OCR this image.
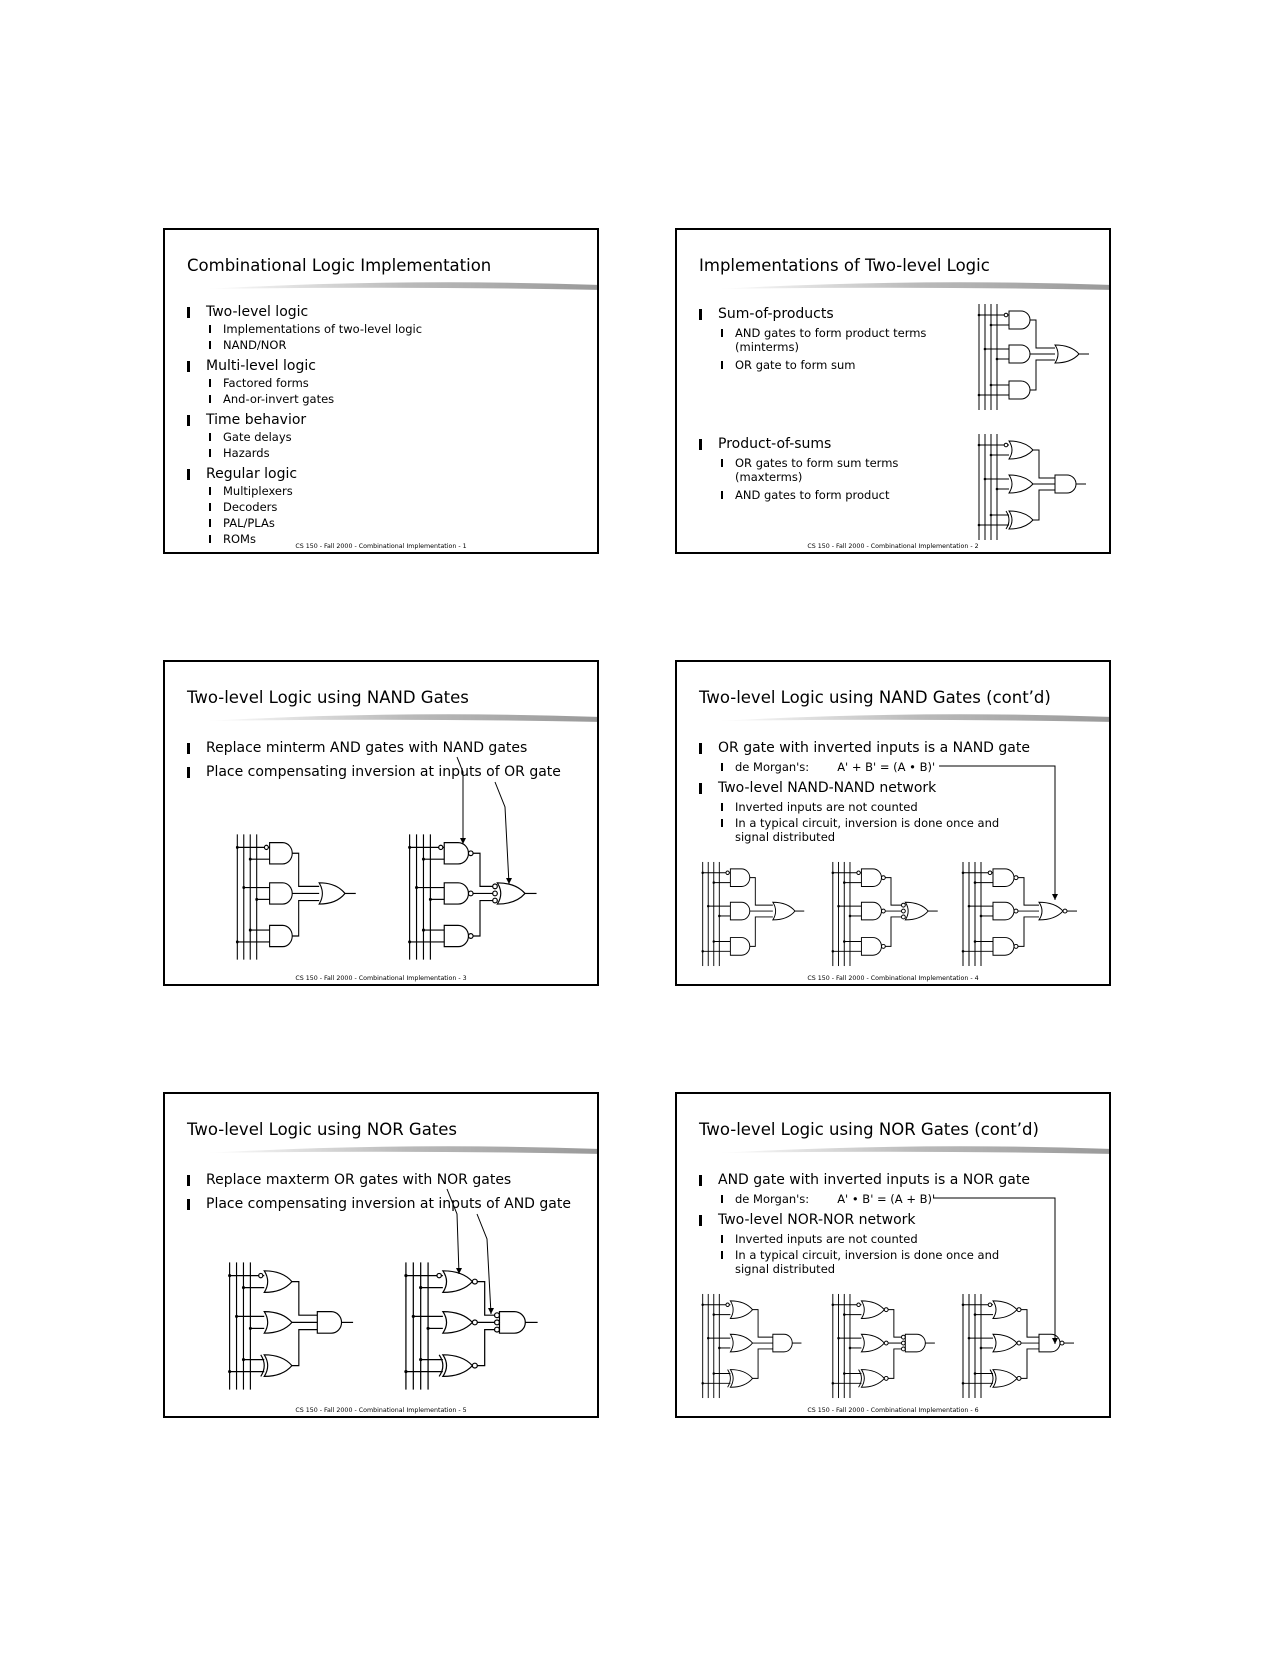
Combinational Logic Implementation
Two-level logic
Implementations of two-level logic
NAND/NOR
Multi-level logic
Factored forms
And-or-invert gates
Time behavior
Gate delays
Hazards
Regular logic
Multiplexers
Decoders
PAL/PLAs
ROMs
CS 150 - Fall 2000 - Combinational Implementation - 1
Implementations of Two-level Logic
Sum-of-products
AND gates to form product terms (minterms)
OR gate to form sum
Product-of-sums
OR gates to form sum terms (maxterms)
AND gates to form product
CS 150 - Fall 2000 - Combinational Implementation - 2
Two-level Logic using NAND Gates
Replace minterm AND gates with NAND gates
Place compensating inversion at inputs of OR gate
CS 150 - Fall 2000 - Combinational Implementation - 3
Two-level Logic using NAND Gates (cont’d)
OR gate with inverted inputs is a NAND gate
de Morgan's: A' + B' = (A • B)'
Two-level NAND-NAND network
Inverted inputs are not counted
In a typical circuit, inversion is done once and signal distributed
CS 150 - Fall 2000 - Combinational Implementation - 4
Two-level Logic using NOR Gates
Replace maxterm OR gates with NOR gates
Place compensating inversion at inputs of AND gate
CS 150 - Fall 2000 - Combinational Implementation - 5
Two-level Logic using NOR Gates (cont’d)
AND gate with inverted inputs is a NOR gate
de Morgan's: A' • B' = (A + B)'
Two-level NOR-NOR network
Inverted inputs are not counted
In a typical circuit, inversion is done once and signal distributed
CS 150 - Fall 2000 - Combinational Implementation - 6
